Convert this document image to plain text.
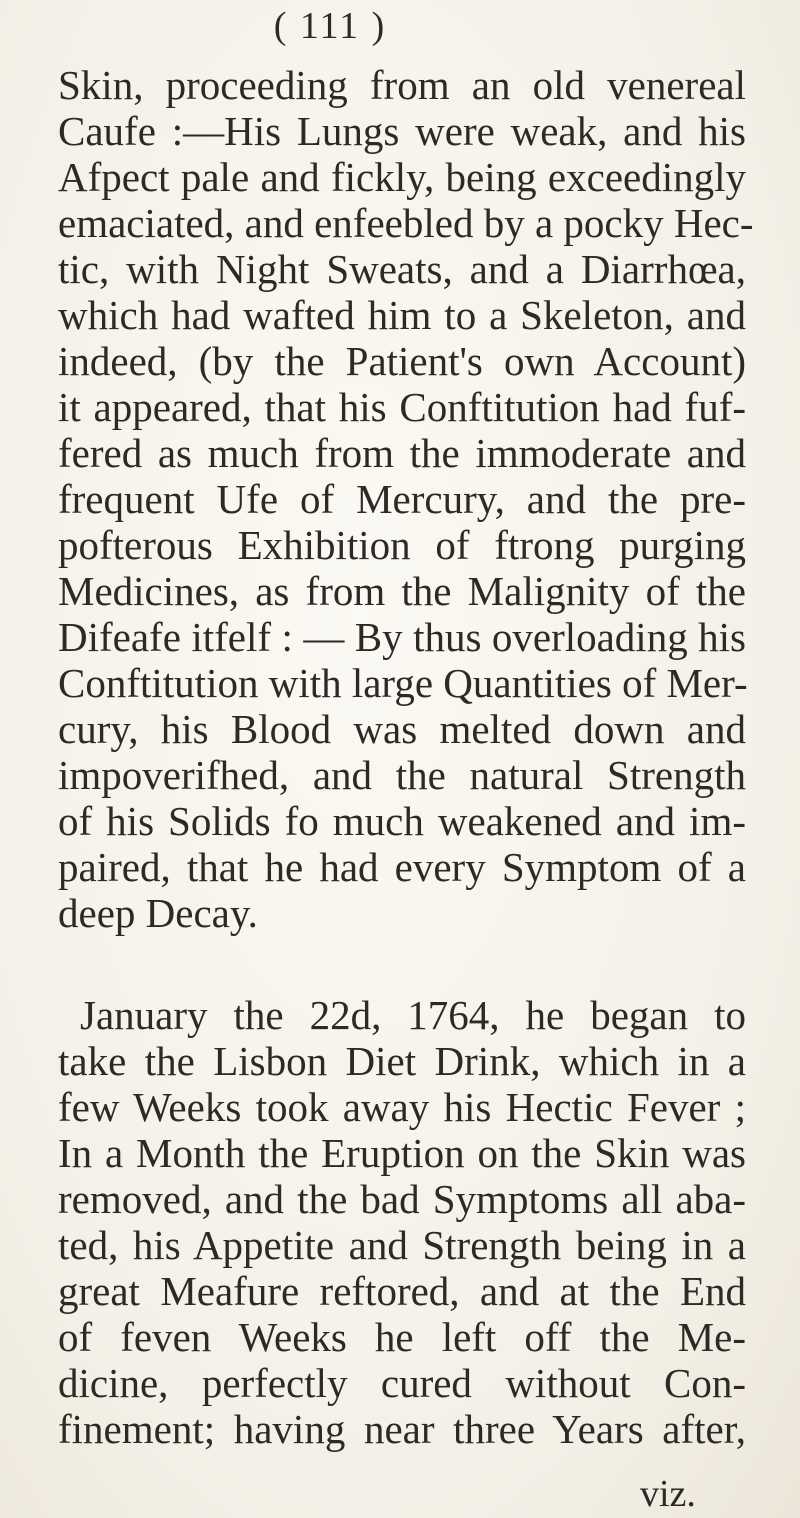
( 111 )
Skin, proceeding from an old venereal
Caufe :—His Lungs were weak, and his
Afpect pale and fickly, being exceedingly
emaciated, and enfeebled by a pocky Hec-
tic, with Night Sweats, and a Diarrhœa,
which had wafted him to a Skeleton, and
indeed, (by the Patient's own Account)
it appeared, that his Conftitution had fuf-
fered as much from the immoderate and
frequent Ufe of Mercury, and the pre-
pofterous Exhibition of ftrong purging
Medicines, as from the Malignity of the
Difeafe itfelf : — By thus overloading his
Conftitution with large Quantities of Mer-
cury, his Blood was melted down and
impoverifhed, and the natural Strength
of his Solids fo much weakened and im-
paired, that he had every Symptom of a
deep Decay.
January the 22d, 1764, he began to
take the Lisbon Diet Drink, which in a
few Weeks took away his Hectic Fever ;
In a Month the Eruption on the Skin was
removed, and the bad Symptoms all aba-
ted, his Appetite and Strength being in a
great Meafure reftored, and at the End
of feven Weeks he left off the Me-
dicine, perfectly cured without Con-
finement; having near three Years after,
viz.
